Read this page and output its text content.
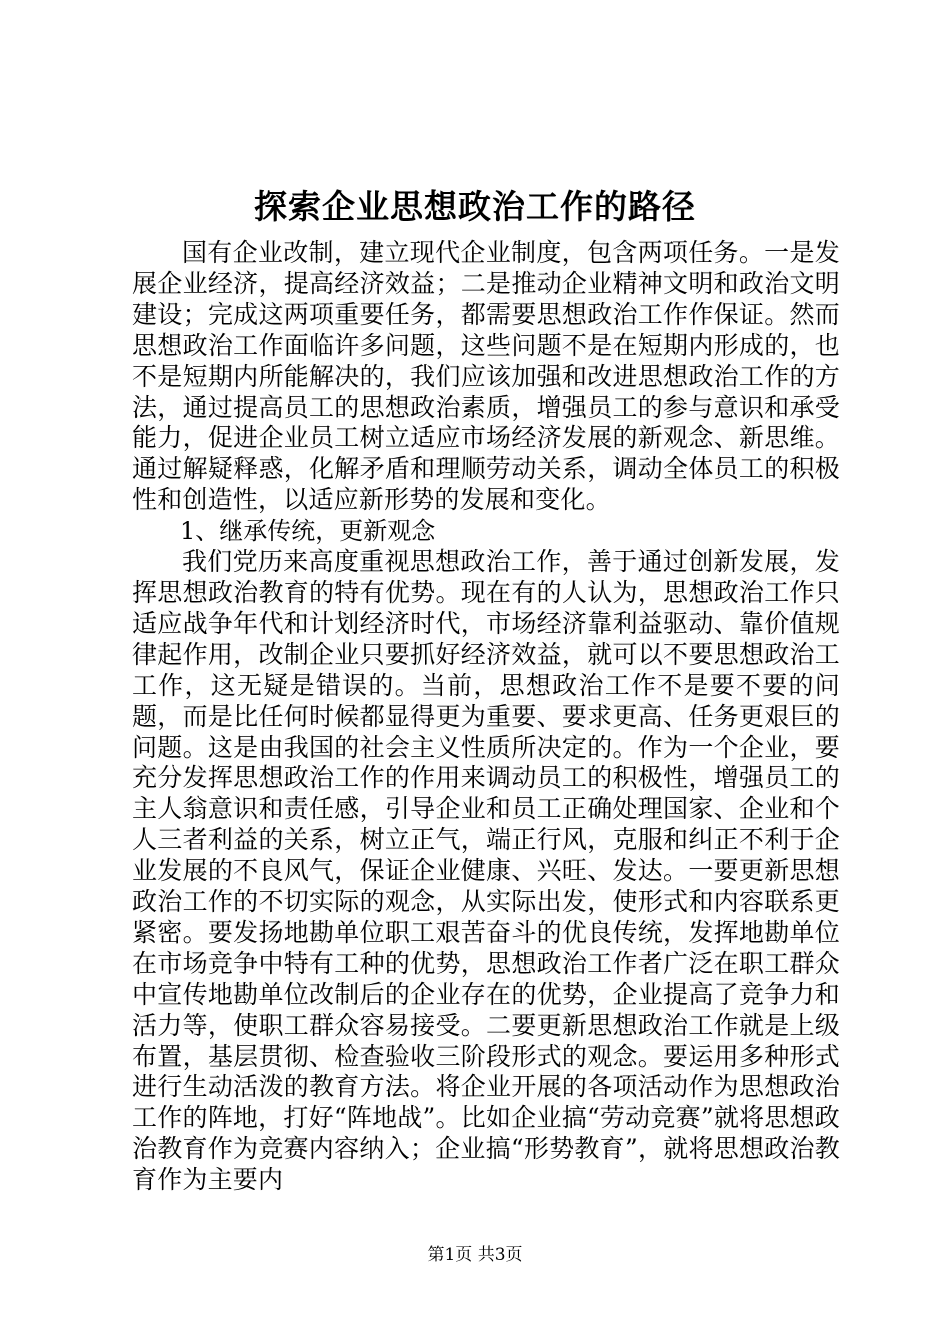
探索企业思想政治工作的路径

国有企业改制，建立现代企业制度，包含两项任务。一是发展企业经济，提高经济效益；二是推动企业精神文明和政治文明建设；完成这两项重要任务，都需要思想政治工作作保证。然而思想政治工作面临许多问题，这些问题不是在短期内形成的，也不是短期内所能解决的，我们应该加强和改进思想政治工作的方法，通过提高员工的思想政治素质，增强员工的参与意识和承受能力，促进企业员工树立适应市场经济发展的新观念、新思维。通过解疑释惑，化解矛盾和理顺劳动关系，调动全体员工的积极性和创造性，以适应新形势的发展和变化。

1、继承传统，更新观念

我们党历来高度重视思想政治工作，善于通过创新发展，发挥思想政治教育的特有优势。现在有的人认为，思想政治工作只适应战争年代和计划经济时代，市场经济靠利益驱动、靠价值规律起作用，改制企业只要抓好经济效益，就可以不要思想政治工工作，这无疑是错误的。当前，思想政治工作不是要不要的问题，而是比任何时候都显得更为重要、要求更高、任务更艰巨的问题。这是由我国的社会主义性质所决定的。作为一个企业，要充分发挥思想政治工作的作用来调动员工的积极性，增强员工的主人翁意识和责任感，引导企业和员工正确处理国家、企业和个人三者利益的关系，树立正气，端正行风，克服和纠正不利于企业发展的不良风气，保证企业健康、兴旺、发达。一要更新思想政治工作的不切实际的观念，从实际出发，使形式和内容联系更紧密。要发扬地勘单位职工艰苦奋斗的优良传统，发挥地勘单位在市场竞争中特有工种的优势，思想政治工作者广泛在职工群众中宣传地勘单位改制后的企业存在的优势，企业提高了竞争力和活力等，使职工群众容易接受。二要更新思想政治工作就是上级布置，基层贯彻、检查验收三阶段形式的观念。要运用多种形式进行生动活泼的教育方法。将企业开展的各项活动作为思想政治工作的阵地，打好“阵地战”。比如企业搞“劳动竞赛”就将思想政治教育作为竞赛内容纳入；企业搞“形势教育”，就将思想政治教育作为主要内

第1页 共3页
